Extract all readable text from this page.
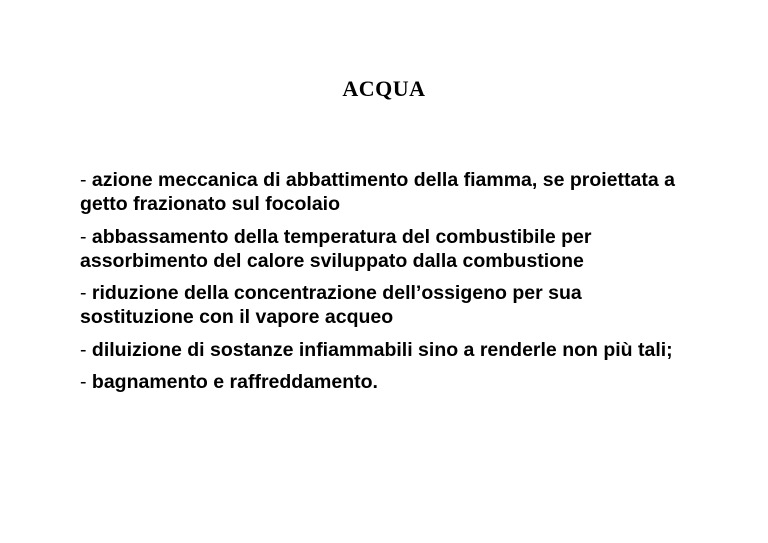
ACQUA
- azione meccanica di abbattimento della fiamma, se proiettata a getto frazionato sul focolaio
- abbassamento della temperatura del combustibile per assorbimento del calore sviluppato dalla combustione
- riduzione della concentrazione dell’ossigeno per sua sostituzione con il vapore acqueo
- diluizione di sostanze infiammabili sino a renderle non più tali;
- bagnamento e raffreddamento.
